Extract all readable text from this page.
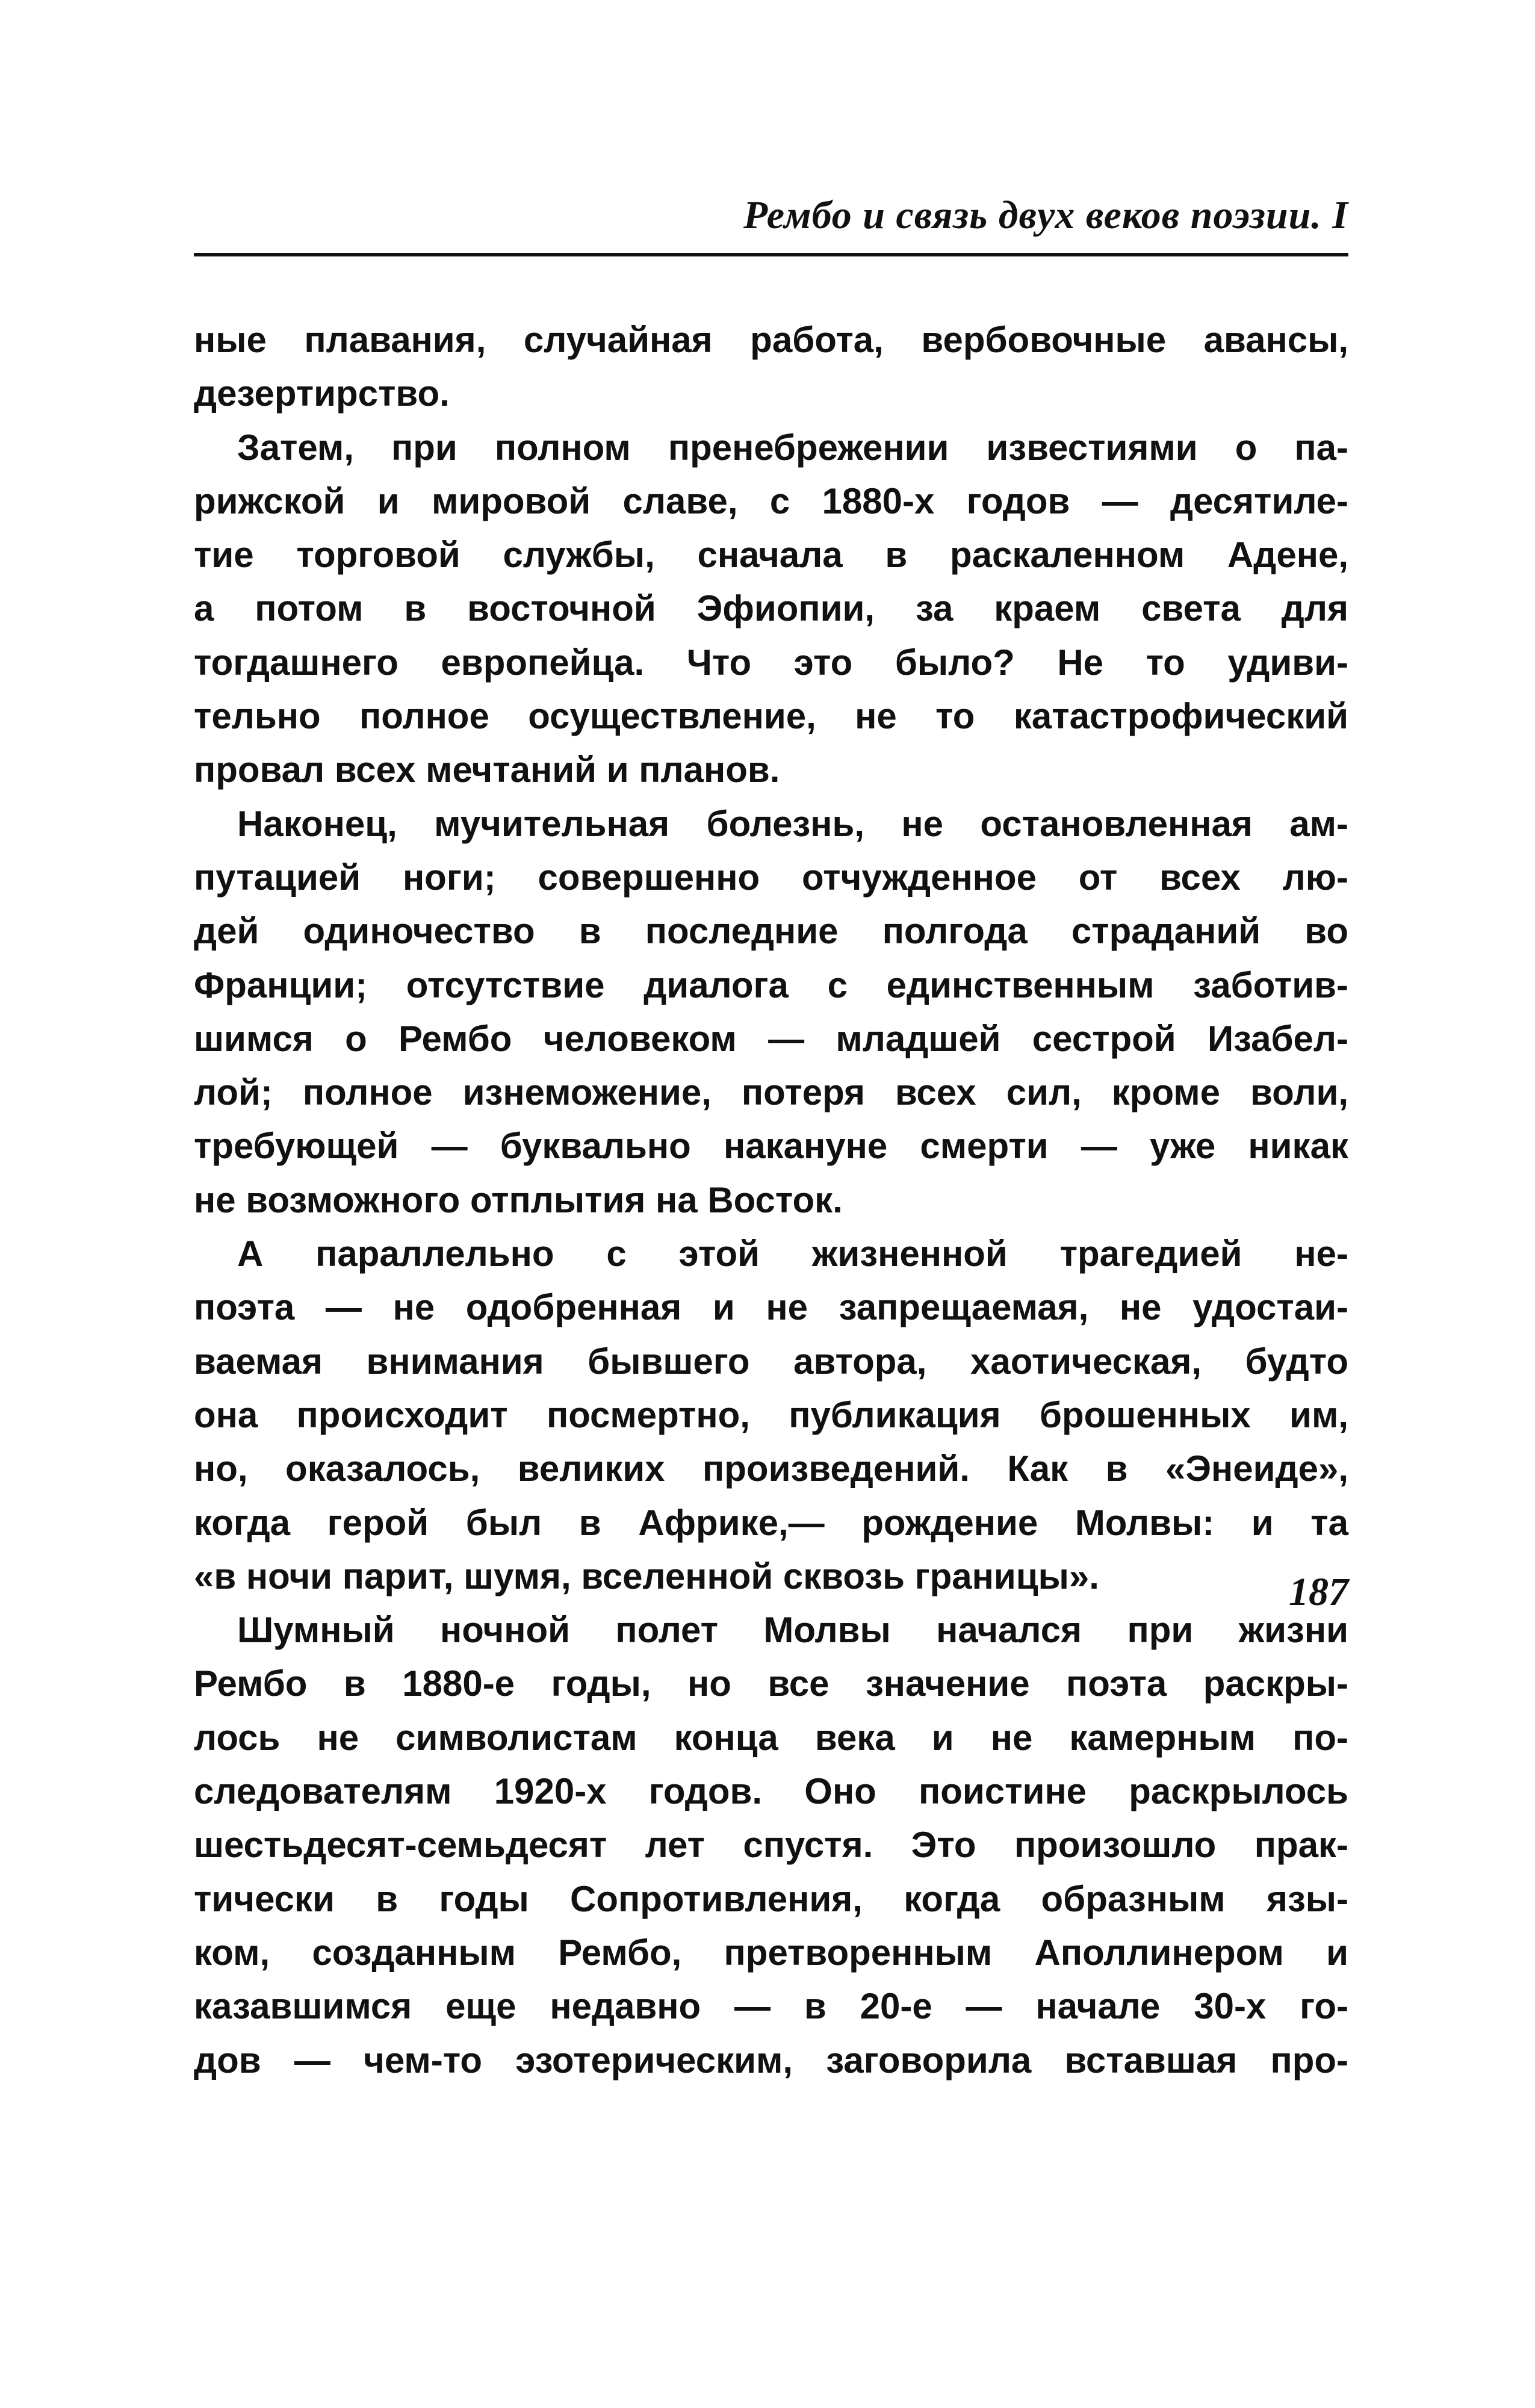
Рембо и связь двух веков поэзии. I
ные плавания, случайная работа, вербовочные авансы,
дезертирство.
Затем, при полном пренебрежении известиями о па-
рижской и мировой славе, с 1880-х годов — десятиле-
тие торговой службы, сначала в раскаленном Адене,
а потом в восточной Эфиопии, за краем света для
тогдашнего европейца. Что это было? Не то удиви-
тельно полное осуществление, не то катастрофический
провал всех мечтаний и планов.
Наконец, мучительная болезнь, не остановленная ам-
путацией ноги; совершенно отчужденное от всех лю-
дей одиночество в последние полгода страданий во
Франции; отсутствие диалога с единственным заботив-
шимся о Рембо человеком — младшей сестрой Изабел-
лой; полное изнеможение, потеря всех сил, кроме воли,
требующей — буквально накануне смерти — уже никак
не возможного отплытия на Восток.
А параллельно с этой жизненной трагедией не-
поэта — не одобренная и не запрещаемая, не удостаи-
ваемая внимания бывшего автора, хаотическая, будто
она происходит посмертно, публикация брошенных им,
но, оказалось, великих произведений. Как в «Энеиде»,
когда герой был в Африке,— рождение Молвы: и та
«в ночи парит, шумя, вселенной сквозь границы».
Шумный ночной полет Молвы начался при жизни
Рембо в 1880-е годы, но все значение поэта раскры-
лось не символистам конца века и не камерным по-
следователям 1920-х годов. Оно поистине раскрылось
шестьдесят-семьдесят лет спустя. Это произошло прак-
тически в годы Сопротивления, когда образным язы-
ком, созданным Рембо, претворенным Аполлинером и
казавшимся еще недавно — в 20-е — начале 30-х го-
дов — чем-то эзотерическим, заговорила вставшая про-
187
